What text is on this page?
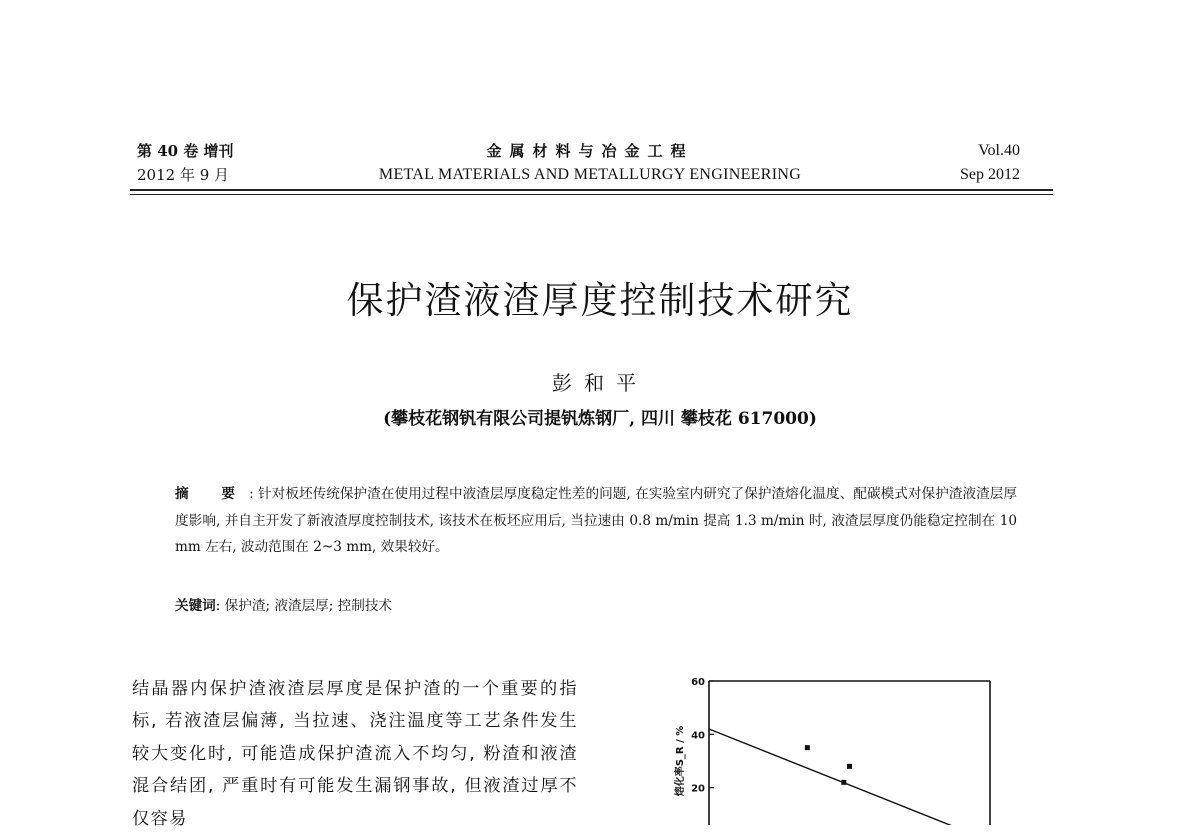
第 40 卷 增刊
2012 年 9 月
金属材料与冶金工程
METAL MATERIALS AND METALLURGY ENGINEERING
Vol.40
Sep 2012
保护渣液渣厚度控制技术研究
彭和平
(攀枝花钢钒有限公司提钒炼钢厂, 四川 攀枝花 617000)
摘 要: 针对板坯传统保护渣在使用过程中液渣层厚度稳定性差的问题, 在实验室内研究了保护渣熔化温度、配碳模式对保护渣液渣层厚度影响, 并自主开发了新液渣厚度控制技术, 该技术在板坯应用后, 当拉速由 0.8 m/min 提高 1.3 m/min 时, 液渣层厚度仍能稳定控制在 10 mm 左右, 波动范围在 2~3 mm, 效果较好。
关键词: 保护渣; 液渣层厚; 控制技术
结晶器内保护渣液渣层厚度是保护渣的一个重要的指标, 若液渣层偏薄, 当拉速、浇注温度等工艺条件发生较大变化时, 可能造成保护渣流入不均匀, 粉渣和液渣混合结团, 严重时有可能发生漏钢事故, 但液渣过厚不仅容易
60
40
20
熔化率S_R / %
